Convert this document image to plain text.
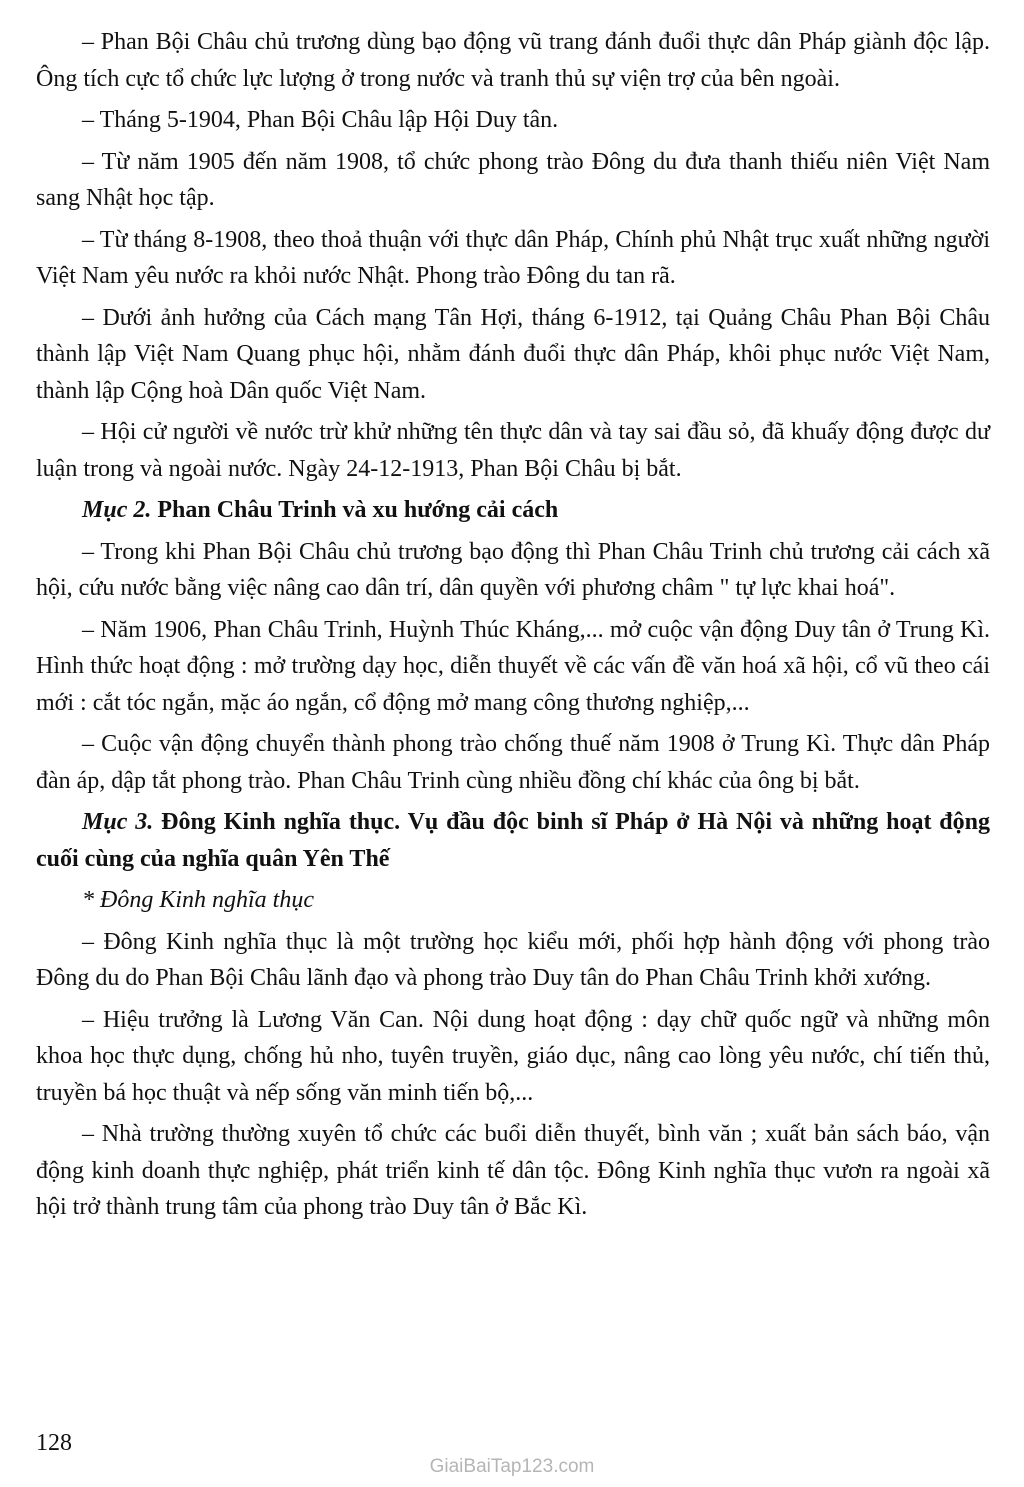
– Phan Bội Châu chủ trương dùng bạo động vũ trang đánh đuổi thực dân Pháp giành độc lập. Ông tích cực tổ chức lực lượng ở trong nước và tranh thủ sự viện trợ của bên ngoài.

– Tháng 5-1904, Phan Bội Châu lập Hội Duy tân.

– Từ năm 1905 đến năm 1908, tổ chức phong trào Đông du đưa thanh thiếu niên Việt Nam sang Nhật học tập.

– Từ tháng 8-1908, theo thoả thuận với thực dân Pháp, Chính phủ Nhật trục xuất những người Việt Nam yêu nước ra khỏi nước Nhật. Phong trào Đông du tan rã.

– Dưới ảnh hưởng của Cách mạng Tân Hợi, tháng 6-1912, tại Quảng Châu Phan Bội Châu thành lập Việt Nam Quang phục hội, nhằm đánh đuổi thực dân Pháp, khôi phục nước Việt Nam, thành lập Cộng hoà Dân quốc Việt Nam.

– Hội cử người về nước trừ khử những tên thực dân và tay sai đầu sỏ, đã khuấy động được dư luận trong và ngoài nước. Ngày 24-12-1913, Phan Bội Châu bị bắt.

Mục 2. Phan Châu Trinh và xu hướng cải cách

– Trong khi Phan Bội Châu chủ trương bạo động thì Phan Châu Trinh chủ trương cải cách xã hội, cứu nước bằng việc nâng cao dân trí, dân quyền với phương châm " tự lực khai hoá".

– Năm 1906, Phan Châu Trinh, Huỳnh Thúc Kháng,... mở cuộc vận động Duy tân ở Trung Kì. Hình thức hoạt động : mở trường dạy học, diễn thuyết về các vấn đề văn hoá xã hội, cổ vũ theo cái mới : cắt tóc ngắn, mặc áo ngắn, cổ động mở mang công thương nghiệp,...

– Cuộc vận động chuyển thành phong trào chống thuế năm 1908 ở Trung Kì. Thực dân Pháp đàn áp, dập tắt phong trào. Phan Châu Trinh cùng nhiều đồng chí khác của ông bị bắt.

Mục 3. Đông Kinh nghĩa thục. Vụ đầu độc binh sĩ Pháp ở Hà Nội và những hoạt động cuối cùng của nghĩa quân Yên Thế

* Đông Kinh nghĩa thục

– Đông Kinh nghĩa thục là một trường học kiểu mới, phối hợp hành động với phong trào Đông du do Phan Bội Châu lãnh đạo và phong trào Duy tân do Phan Châu Trinh khởi xướng.

– Hiệu trưởng là Lương Văn Can. Nội dung hoạt động : dạy chữ quốc ngữ và những môn khoa học thực dụng, chống hủ nho, tuyên truyền, giáo dục, nâng cao lòng yêu nước, chí tiến thủ, truyền bá học thuật và nếp sống văn minh tiến bộ,...

– Nhà trường thường xuyên tổ chức các buổi diễn thuyết, bình văn ; xuất bản sách báo, vận động kinh doanh thực nghiệp, phát triển kinh tế dân tộc. Đông Kinh nghĩa thục vươn ra ngoài xã hội trở thành trung tâm của phong trào Duy tân ở Bắc Kì.

128
GiaiBaiTap123.com
